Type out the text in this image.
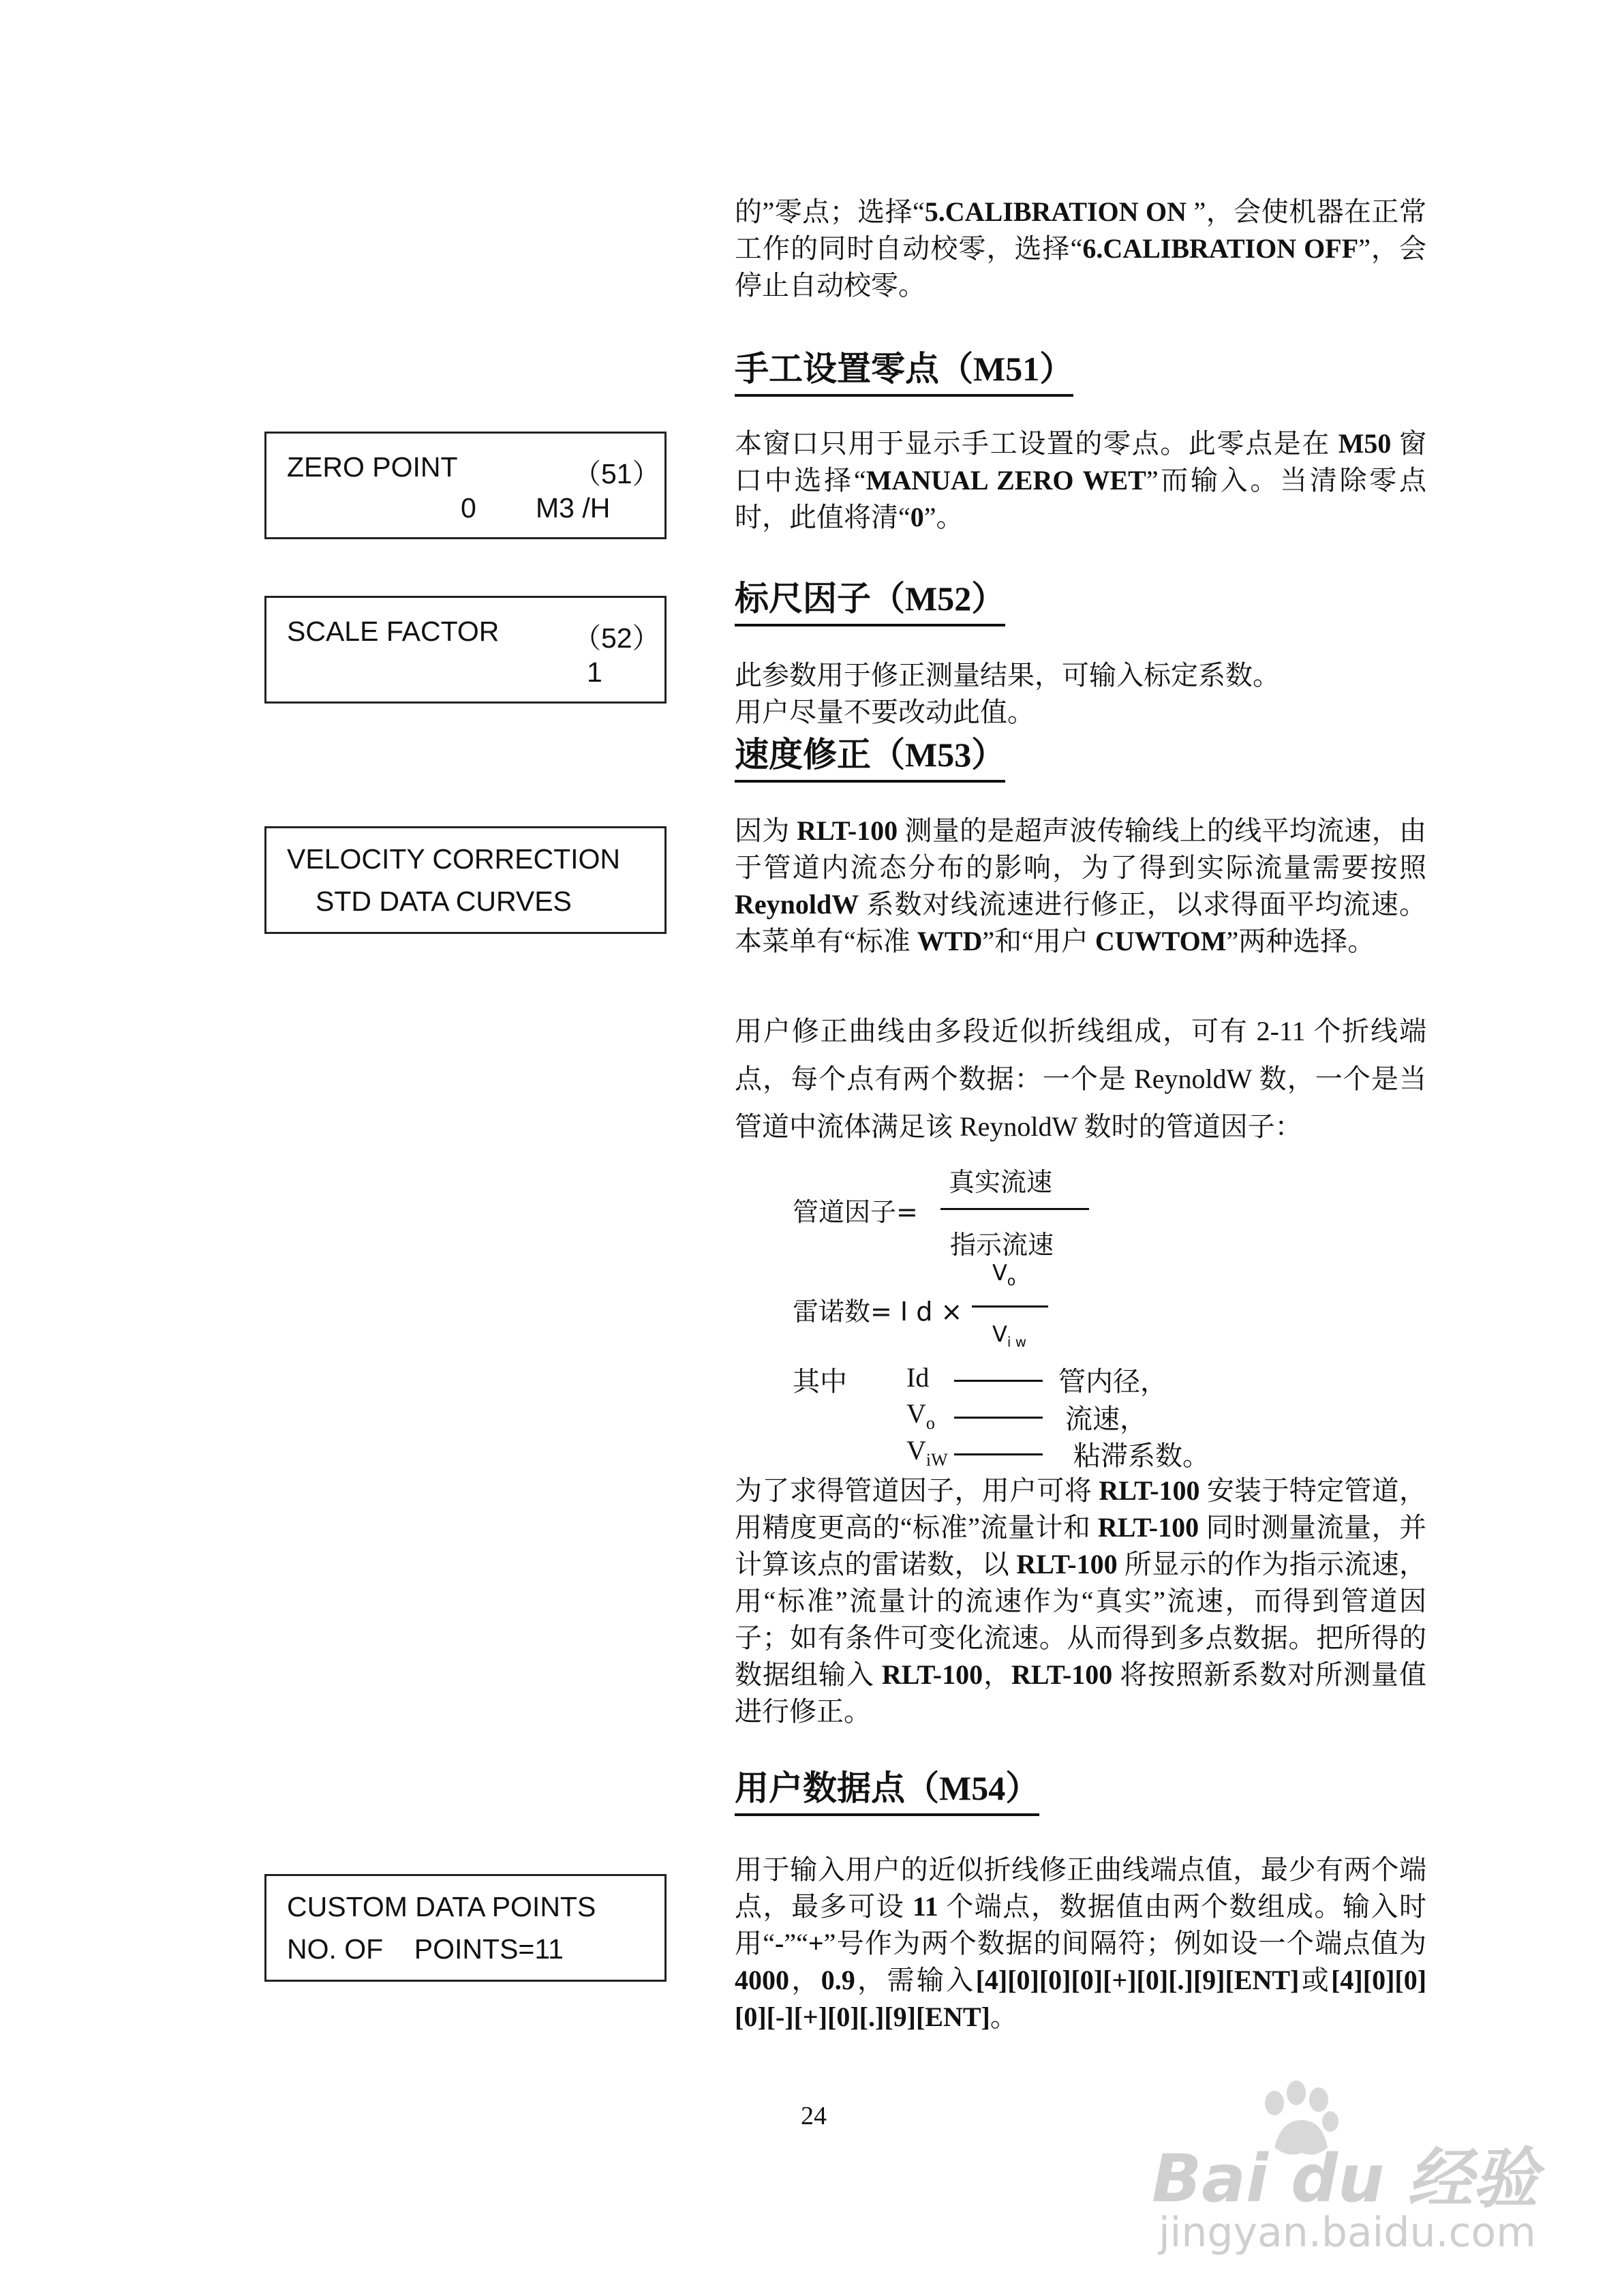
的”零点；选择“5.CALIBRATION ON ”，会使机器在正常工作的同时自动校零，选择“6.CALIBRATION OFF”，会停止自动校零。
手工设置零点（M51）
ZERO POINT	（51）
0 M3 /H
本窗口只用于显示手工设置的零点。此零点是在 M50 窗口中选择“MANUAL ZERO WET”而输入。当清除零点时，此值将清“0”。
标尺因子（M52）
SCALE FACTOR	（52）
1	此参数用于修正测量结果，可输入标定系数。
用户尽量不要改动此值。
速度修正（M53）
VELOCITY CORRECTION
STD DATA CURVES
因为 RLT-100 测量的是超声波传输线上的线平均流速，由于管道内流态分布的影响，为了得到实际流量需要按照 ReynoldW 系数对线流速进行修正，以求得面平均流速。本菜单有“标准 WTD”和“用户 CUWTOM”两种选择。
用户修正曲线由多段近似折线组成，可有 2-11 个折线端点，每个点有两个数据：一个是 ReynoldW 数，一个是当管道中流体满足该 ReynoldW 数时的管道因子：
管道因子=
真实流速
指示流速
雷诺数= I d ×
$V_o$
$V_{i w}$
其中 Id	管内径，
$V_o$	流速，
$V_{iW}$	粘滞系数。
为了求得管道因子，用户可将 RLT-100 安装于特定管道，用精度更高的“标准”流量计和 RLT-100 同时测量流量，并计算该点的雷诺数，以 RLT-100 所显示的作为指示流速，用“标准”流量计的流速作为“真实”流速，而得到管道因子；如有条件可变化流速。从而得到多点数据。把所得的数据组输入 RLT-100，RLT-100 将按照新系数对所测量值进行修正。
用户数据点（M54）
CUSTOM DATA POINTS
NO. OF    POINTS=11
用于输入用户的近似折线修正曲线端点值，最少有两个端点，最多可设 11 个端点，数据值由两个数组成。输入时用“-”“+”号作为两个数据的间隔符；例如设一个端点值为 4000，0.9，需输入[4][0][0][0][+][0][.][9][ENT]或[4][0][0][0][-][+][0][.][9][ENT]。
24
Bai du 经验
jingyan.baidu.com
